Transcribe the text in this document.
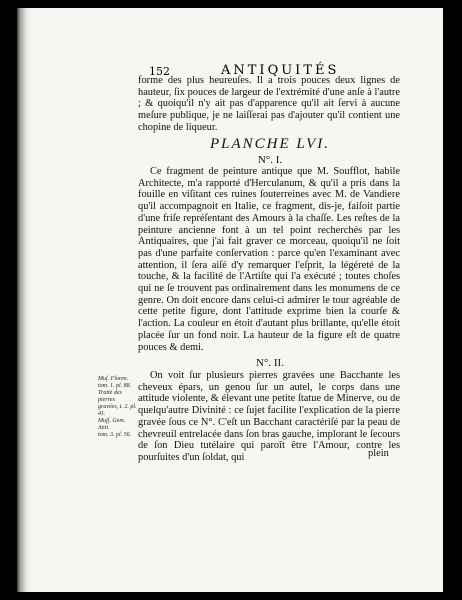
152	ANTIQUITÉS

forme des plus heureuſes. Il a trois pouces deux lignes de hauteur, ſix pouces de largeur de l'extrémité d'une anſe à l'autre ; & quoiqu'il n'y ait pas d'apparence qu'il ait ſervi à aucune meſure publique, je ne laiſſerai pas d'ajouter qu'il contient une chopine de liqueur.

PLANCHE LVI.
N°. I.

Ce fragment de peinture antique que M. Soufflot, habile Architecte, m'a rapporté d'Herculanum, & qu'il a pris dans la fouille en viſitant ces ruines ſouterreines avec M. de Vandiere qu'il accompagnoit en Italie, ce fragment, dis-je, faiſoit partie d'une friſe repréſentant des Amours à la chaſſe. Les reſtes de la peinture ancienne font à un tel point recherchés par les Antiquaires, que j'ai fait graver ce morceau, quoiqu'il ne ſoit pas d'une parfaite conſervation : parce qu'en l'examinant avec attention, il ſera aiſé d'y remarquer l'eſprit, la légéreté de la touche, & la facilité de l'Artiſte qui l'a exécuté ; toutes choſes qui ne ſe trouvent pas ordinairement dans les monumens de ce genre. On doit encore dans celui-ci admirer le tour agréable de cette petite figure, dont l'attitude exprime bien la courſe & l'action. La couleur en étoit d'autant plus brillante, qu'elle étoit placée ſur un fond noir. La hauteur de la figure eſt de quatre pouces & demi.

N°. II.
Muſ. Floren.
tom. 1. pl. 88.
Traité des pierres
gravées, t. 2. pl. 41.
Muſſ. Gem. Anti.
tom. 3. pl. 56.

On voit ſur plusieurs pierres gravées une Bacchante les cheveux épars, un genou ſur un autel, le corps dans une attitude violente, & élevant une petite ſtatue de Minerve, ou de quelqu'autre Divinité : ce ſujet facilite l'explication de la pierre gravée ſous ce N°. C'eſt un Bacchant caractériſé par la peau de chevreuil entrelacée dans ſon bras gauche, implorant le ſecours de ſon Dieu tutélaire qui paroît être l'Amour, contre les pourſuites d'un ſoldat, qui	plein
